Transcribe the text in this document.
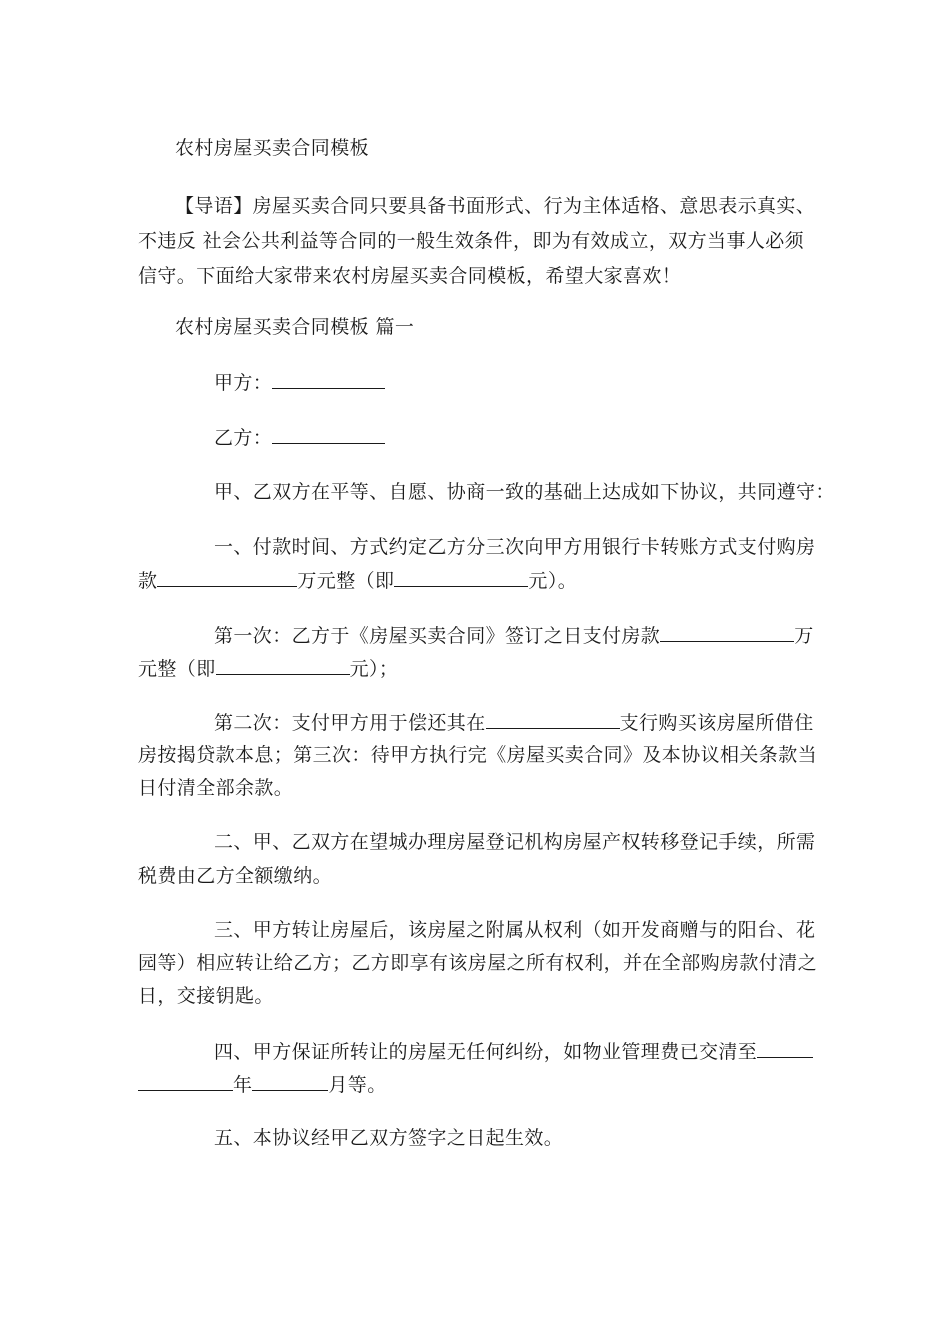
农村房屋买卖合同模板
【导语】房屋买卖合同只要具备书面形式、行为主体适格、意思表示真实、
不违反 社会公共利益等合同的一般生效条件，即为有效成立，双方当事人必须
信守。下面给大家带来农村房屋买卖合同模板，希望大家喜欢！
农村房屋买卖合同模板 篇一
甲方：
乙方：
甲、乙双方在平等、自愿、协商一致的基础上达成如下协议，共同遵守：
一、付款时间、方式约定乙方分三次向甲方用银行卡转账方式支付购房
款	万元整（即	元）。
第一次：乙方于《房屋买卖合同》签订之日支付房款	万
元整（即	元）；
第二次：支付甲方用于偿还其在	支行购买该房屋所借住
房按揭贷款本息；第三次：待甲方执行完《房屋买卖合同》及本协议相关条款当
日付清全部余款。
二、甲、乙双方在望城办理房屋登记机构房屋产权转移登记手续，所需
税费由乙方全额缴纳。
三、甲方转让房屋后，该房屋之附属从权利（如开发商赠与的阳台、花
园等）相应转让给乙方；乙方即享有该房屋之所有权利，并在全部购房款付清之
日，交接钥匙。
四、甲方保证所转让的房屋无任何纠纷，如物业管理费已交清至
年	月等。
五、本协议经甲乙双方签字之日起生效。
